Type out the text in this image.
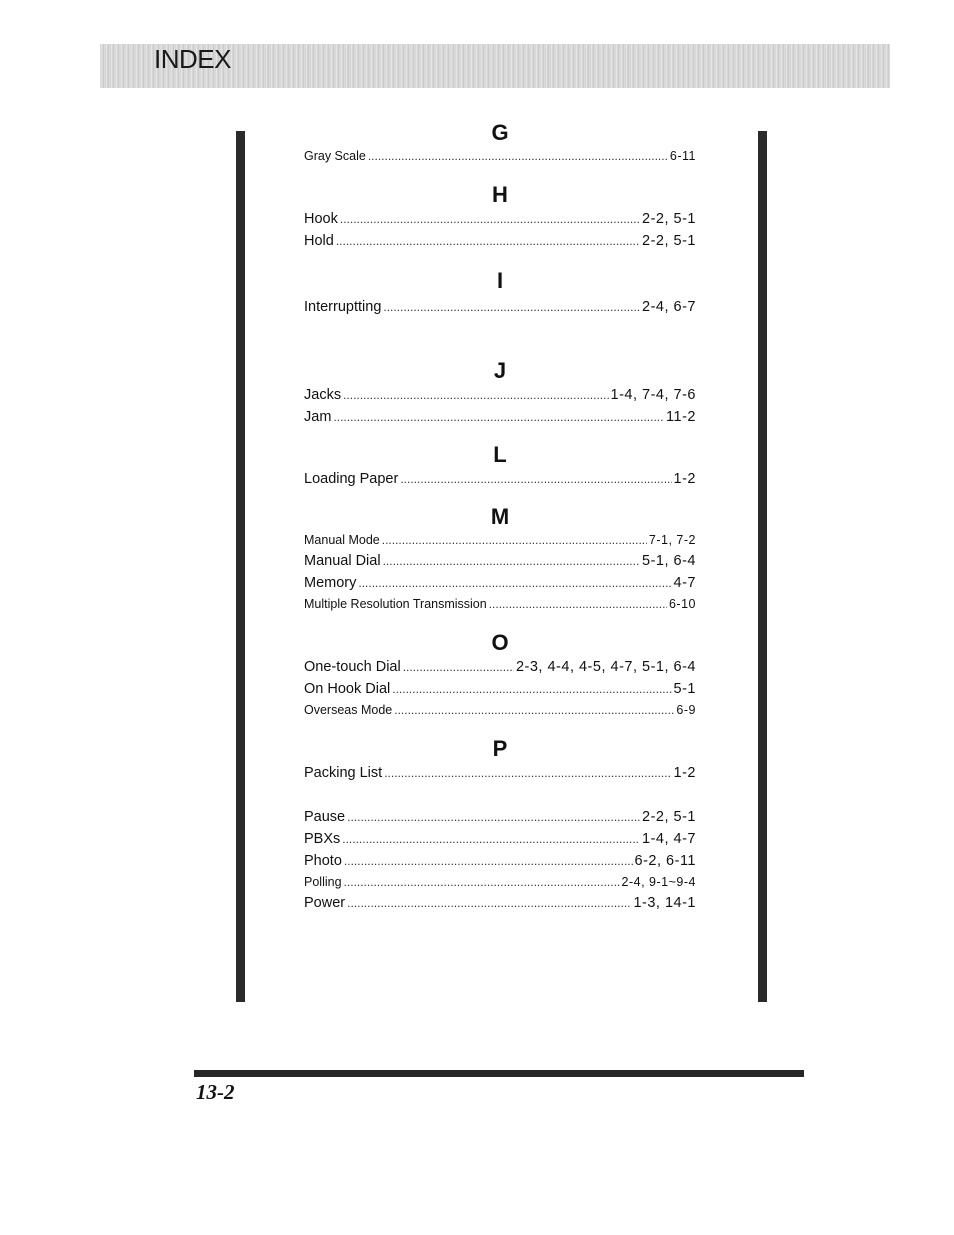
INDEX
G
Gray Scale .....	6-11
H
Hook .....	2-2, 5-1
Hold .....	2-2, 5-1
I
Interruptting .....	2-4, 6-7
J
Jacks .....	1-4, 7-4, 7-6
Jam .....	11-2
L
Loading Paper .....	1-2
M
Manual Mode .....	7-1, 7-2
Manual Dial .....	5-1, 6-4
Memory .....	4-7
Multiple Resolution Transmission .....	6-10
O
One-touch Dial .....	2-3, 4-4, 4-5, 4-7, 5-1, 6-4
On Hook Dial .....	5-1
Overseas Mode .....	6-9
P
Packing List .....	1-2
Pause .....	2-2, 5-1
PBXs .....	1-4, 4-7
Photo .....	6-2, 6-11
Polling .....	2-4, 9-1~9-4
Power .....	1-3, 14-1
13-2
